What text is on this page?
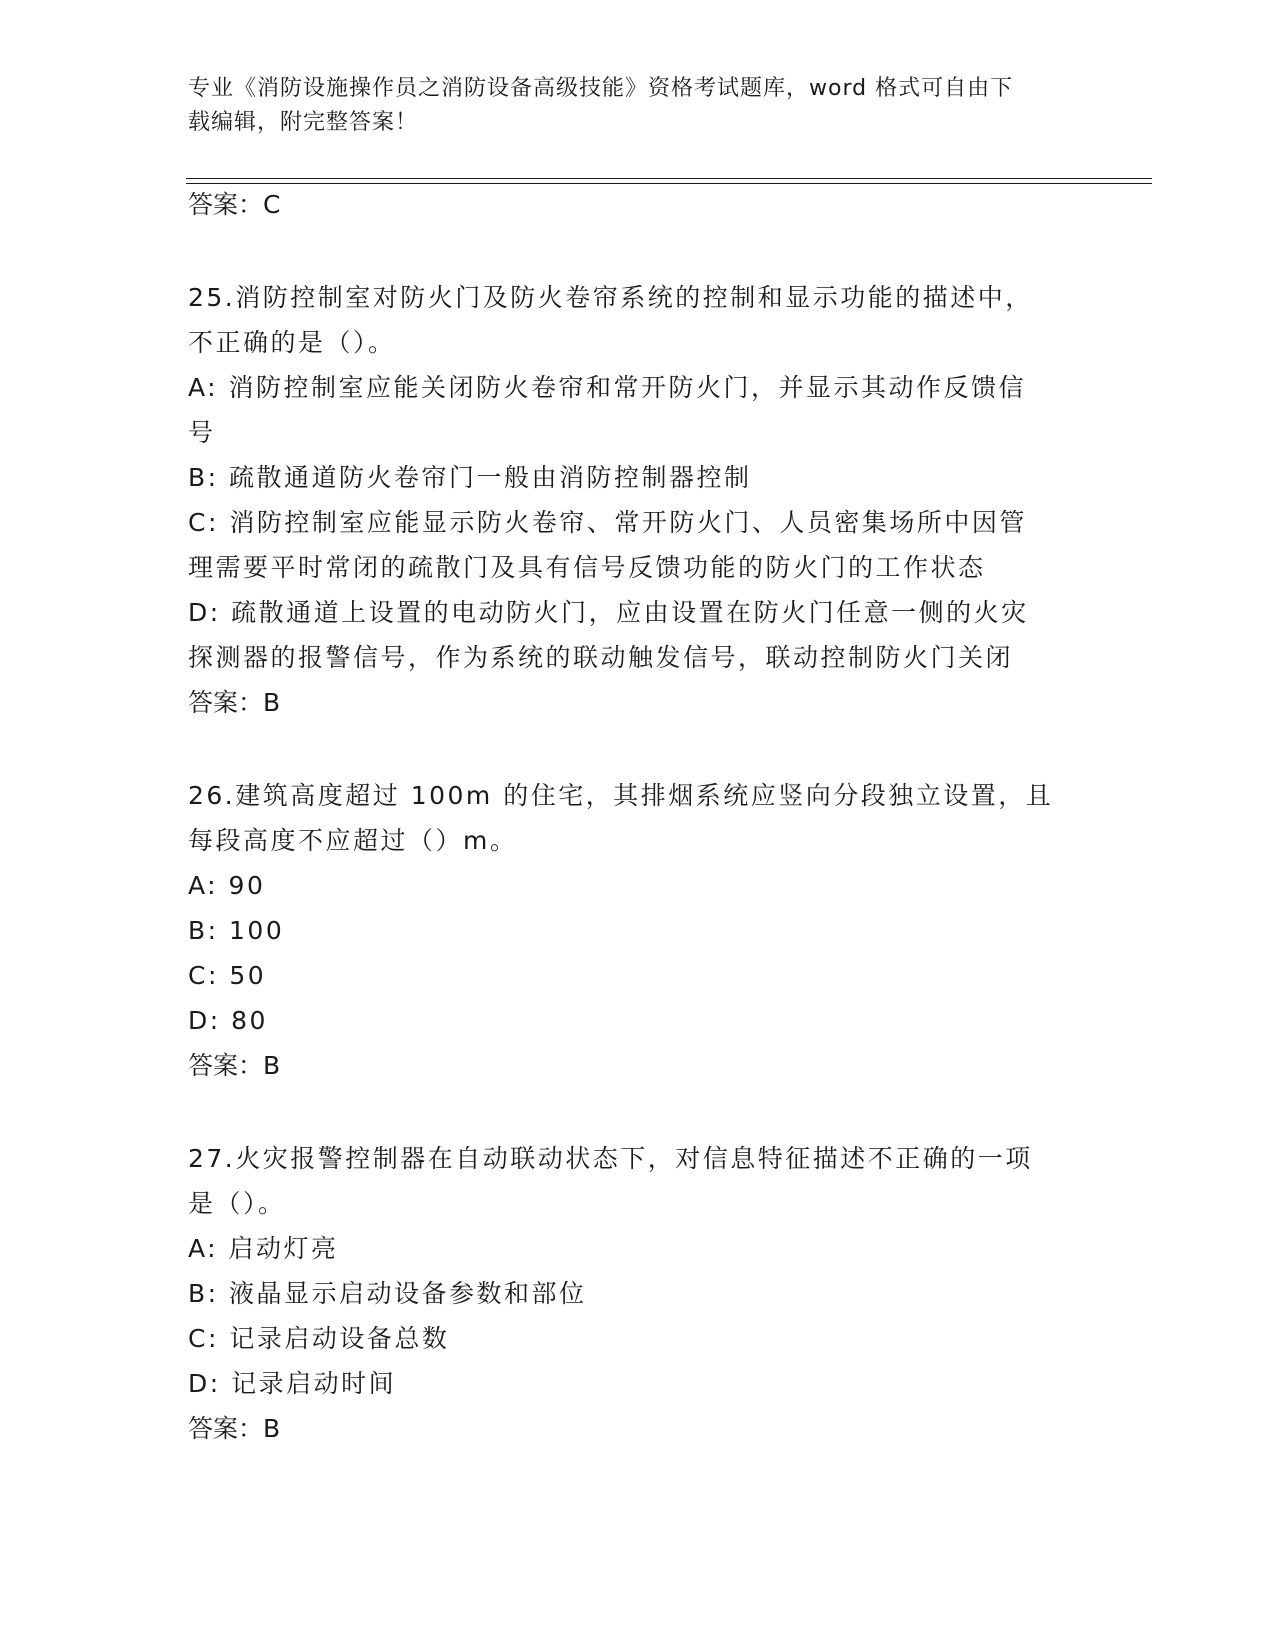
专业《消防设施操作员之消防设备高级技能》资格考试题库，word 格式可自由下
载编辑，附完整答案！
答案：C
25.消防控制室对防火门及防火卷帘系统的控制和显示功能的描述中，
不正确的是（）。
A: 消防控制室应能关闭防火卷帘和常开防火门，并显示其动作反馈信
号
B: 疏散通道防火卷帘门一般由消防控制器控制
C: 消防控制室应能显示防火卷帘、常开防火门、人员密集场所中因管
理需要平时常闭的疏散门及具有信号反馈功能的防火门的工作状态
D: 疏散通道上设置的电动防火门，应由设置在防火门任意一侧的火灾
探测器的报警信号，作为系统的联动触发信号，联动控制防火门关闭
答案：B
26.建筑高度超过 100m 的住宅，其排烟系统应竖向分段独立设置，且
每段高度不应超过（）m。
A: 90
B: 100
C: 50
D: 80
答案：B
27.火灾报警控制器在自动联动状态下，对信息特征描述不正确的一项
是（）。
A: 启动灯亮
B: 液晶显示启动设备参数和部位
C: 记录启动设备总数
D: 记录启动时间
答案：B
